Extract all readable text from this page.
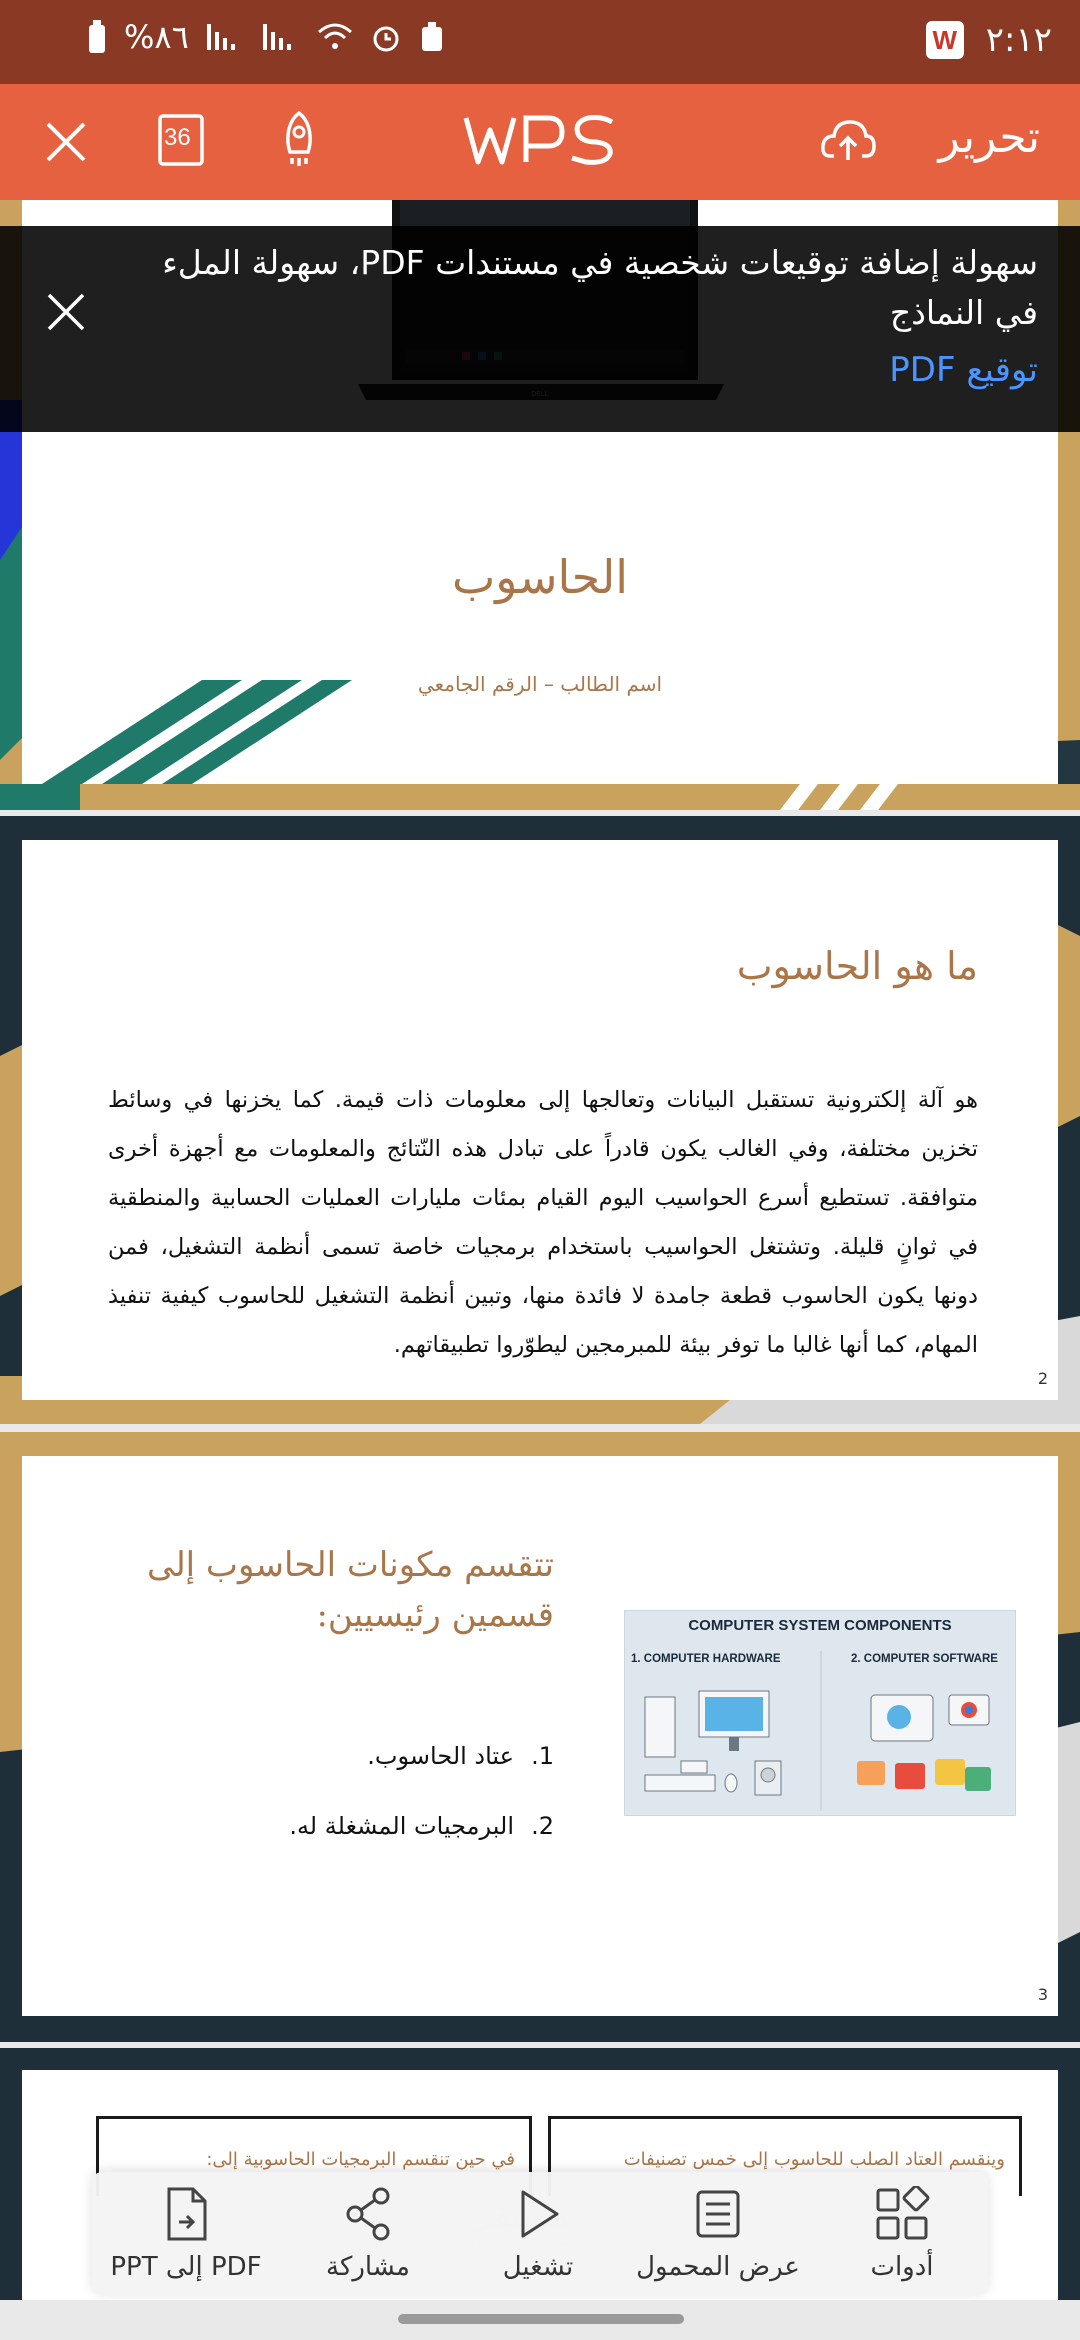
%٨٦	W ٢:١٢
36	تحرير
الحاسوب
اسم الطالب – الرقم الجامعي
سهولة إضافة توقيعات شخصية في مستندات PDF، سهولة الملء في النماذج
توقيع PDF
ما هو الحاسوب
هو آلة إلكترونية تستقبل البيانات وتعالجها إلى معلومات ذات قيمة. كما يخزنها في وسائط تخزين مختلفة، وفي الغالب يكون قادراً على تبادل هذه النّتائج والمعلومات مع أجهزة أخرى متوافقة. تستطيع أسرع الحواسيب اليوم القيام بمئات مليارات العمليات الحسابية والمنطقية في ثوانٍ قليلة. وتشتغل الحواسيب باستخدام برمجيات خاصة تسمى أنظمة التشغيل، فمن دونها يكون الحاسوب قطعة جامدة لا فائدة منها، وتبين أنظمة التشغيل للحاسوب كيفية تنفيذ المهام، كما أنها غالبا ما توفر بيئة للمبرمجين ليطوّروا تطبيقاتهم.
2
تتقسم مكونات الحاسوب إلى قسمين رئيسيين:
1.عتاد الحاسوب.
2.البرمجيات المشغلة له.
COMPUTER SYSTEM COMPONENTS
1. COMPUTER HARDWARE	2. COMPUTER SOFTWARE
3
وينقسم العتاد الصلب للحاسوب إلى خمس تصنيفات
في حين تنقسم البرمجيات الحاسوبية إلى:
PDF إلى PPT	مشاركة	تشغيل	عرض المحمول	أدوات
